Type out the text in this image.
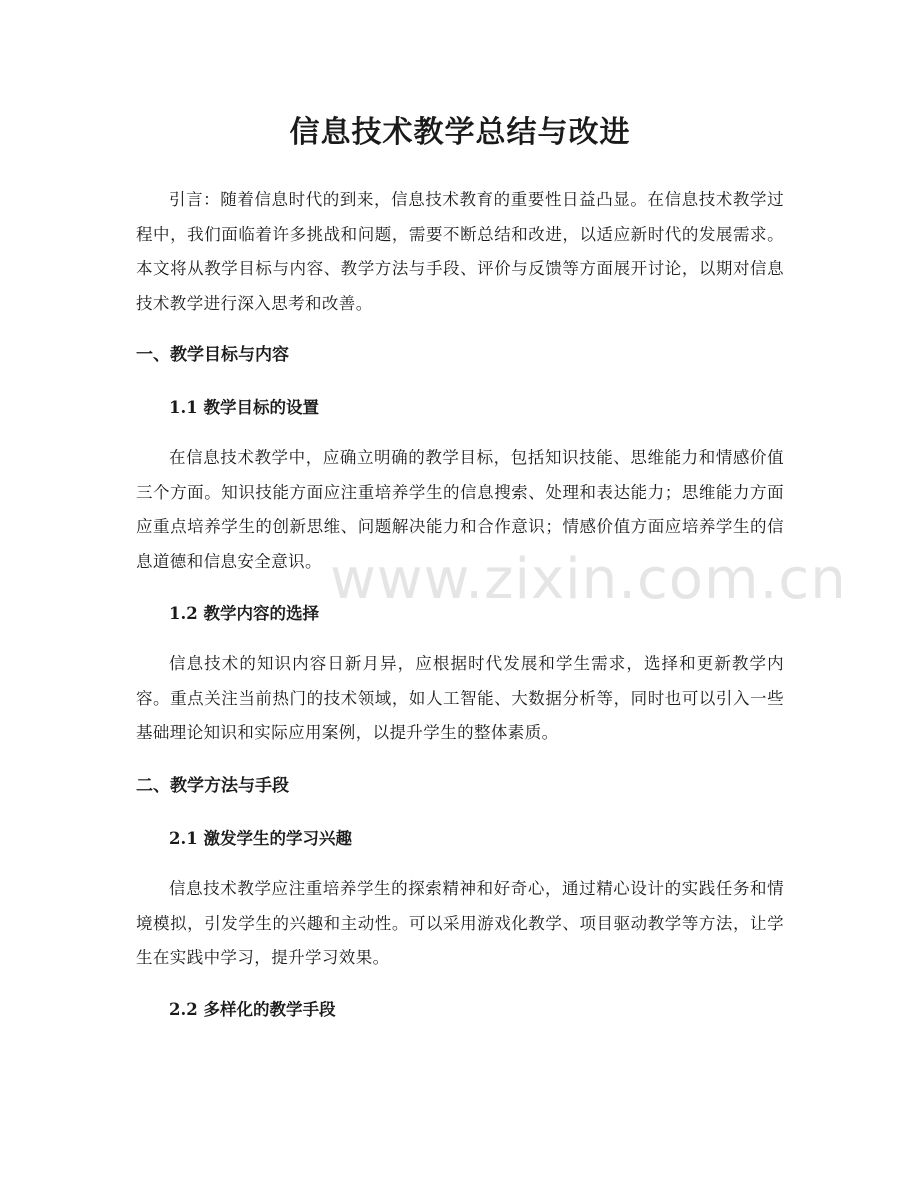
信息技术教学总结与改进

引言：随着信息时代的到来，信息技术教育的重要性日益凸显。在信息技术教学过程中，我们面临着许多挑战和问题，需要不断总结和改进，以适应新时代的发展需求。本文将从教学目标与内容、教学方法与手段、评价与反馈等方面展开讨论，以期对信息技术教学进行深入思考和改善。

一、教学目标与内容
1.1 教学目标的设置

在信息技术教学中，应确立明确的教学目标，包括知识技能、思维能力和情感价值三个方面。知识技能方面应注重培养学生的信息搜索、处理和表达能力；思维能力方面应重点培养学生的创新思维、问题解决能力和合作意识；情感价值方面应培养学生的信息道德和信息安全意识。

1.2 教学内容的选择

信息技术的知识内容日新月异，应根据时代发展和学生需求，选择和更新教学内容。重点关注当前热门的技术领域，如人工智能、大数据分析等，同时也可以引入一些基础理论知识和实际应用案例，以提升学生的整体素质。

二、教学方法与手段
2.1 激发学生的学习兴趣

信息技术教学应注重培养学生的探索精神和好奇心，通过精心设计的实践任务和情境模拟，引发学生的兴趣和主动性。可以采用游戏化教学、项目驱动教学等方法，让学生在实践中学习，提升学习效果。

2.2 多样化的教学手段
www.zixin.com.cn
